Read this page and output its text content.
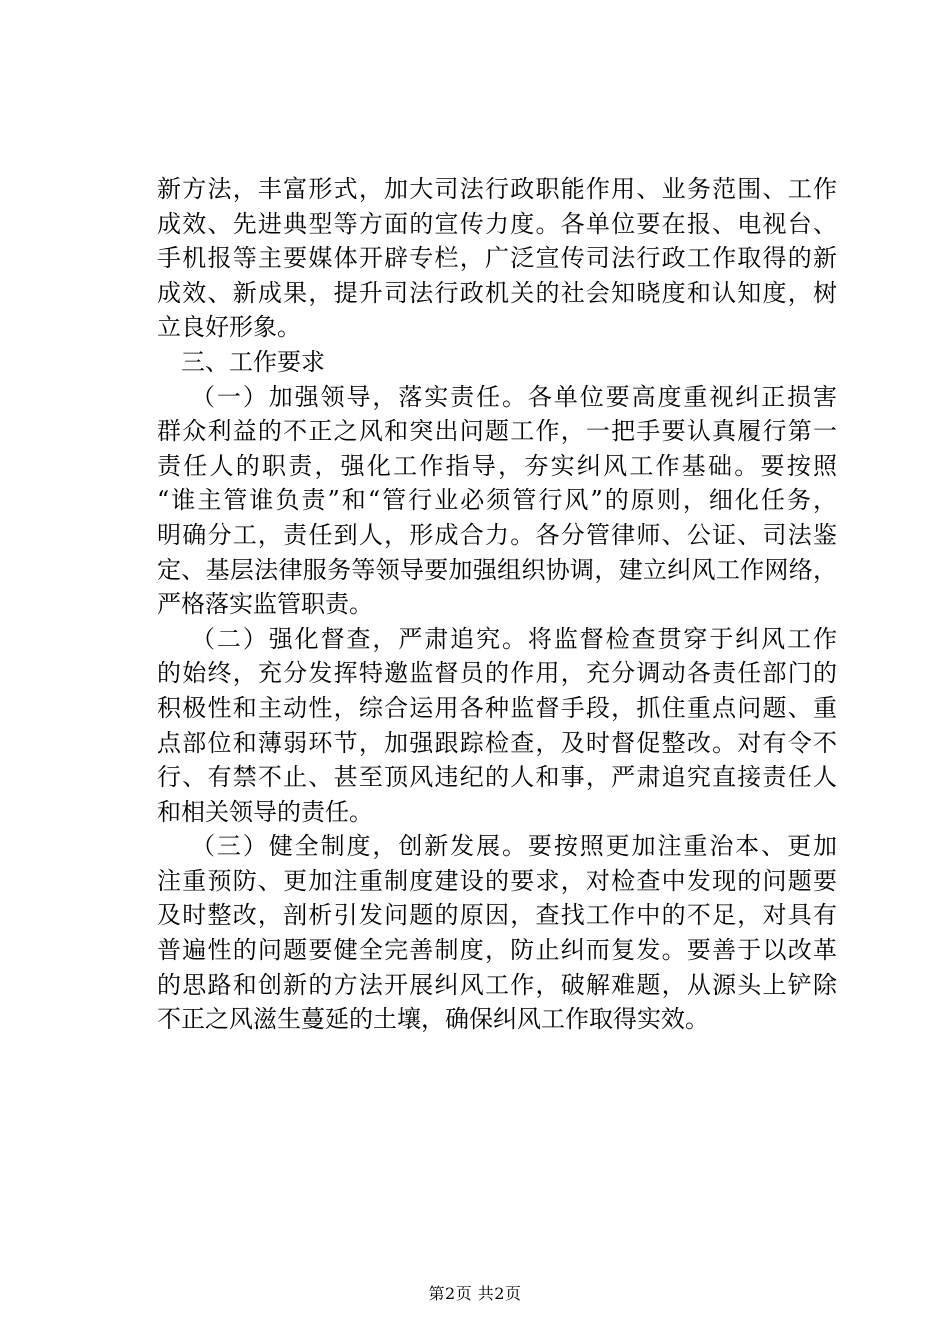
新方法，丰富形式，加大司法行政职能作用、业务范围、工作
成效、先进典型等方面的宣传力度。各单位要在报、电视台、
手机报等主要媒体开辟专栏，广泛宣传司法行政工作取得的新
成效、新成果，提升司法行政机关的社会知晓度和认知度，树
立良好形象。
三、工作要求
（一）加强领导，落实责任。各单位要高度重视纠正损害
群众利益的不正之风和突出问题工作，一把手要认真履行第一
责任人的职责，强化工作指导，夯实纠风工作基础。要按照
“谁主管谁负责”和“管行业必须管行风”的原则，细化任务，
明确分工，责任到人，形成合力。各分管律师、公证、司法鉴
定、基层法律服务等领导要加强组织协调，建立纠风工作网络，
严格落实监管职责。
（二）强化督查，严肃追究。将监督检查贯穿于纠风工作
的始终，充分发挥特邀监督员的作用，充分调动各责任部门的
积极性和主动性，综合运用各种监督手段，抓住重点问题、重
点部位和薄弱环节，加强跟踪检查，及时督促整改。对有令不
行、有禁不止、甚至顶风违纪的人和事，严肃追究直接责任人
和相关领导的责任。
（三）健全制度，创新发展。要按照更加注重治本、更加
注重预防、更加注重制度建设的要求，对检查中发现的问题要
及时整改，剖析引发问题的原因，查找工作中的不足，对具有
普遍性的问题要健全完善制度，防止纠而复发。要善于以改革
的思路和创新的方法开展纠风工作，破解难题，从源头上铲除
不正之风滋生蔓延的土壤，确保纠风工作取得实效。
第2页 共2页
